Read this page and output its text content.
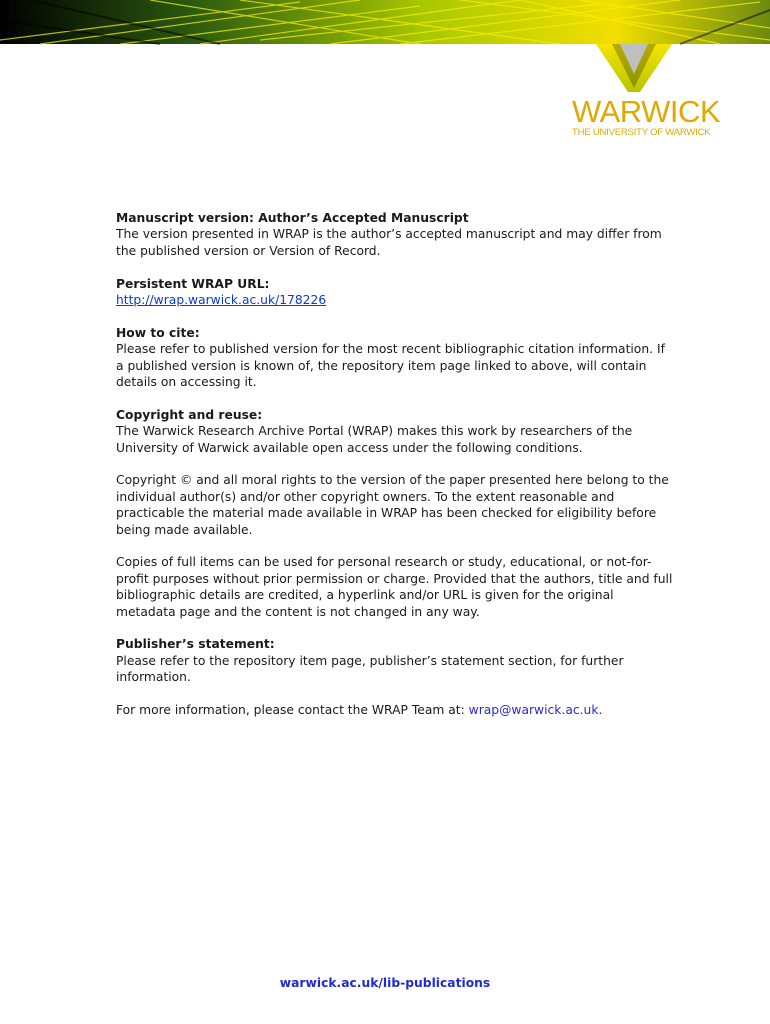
WARWICK
THE UNIVERSITY OF WARWICK
Manuscript version: Author’s Accepted Manuscript
The version presented in WRAP is the author’s accepted manuscript and may differ from the published version or Version of Record.
Persistent WRAP URL:
http://wrap.warwick.ac.uk/178226
How to cite:
Please refer to published version for the most recent bibliographic citation information. If a published version is known of, the repository item page linked to above, will contain details on accessing it.
Copyright and reuse:
The Warwick Research Archive Portal (WRAP) makes this work by researchers of the University of Warwick available open access under the following conditions.
Copyright © and all moral rights to the version of the paper presented here belong to the individual author(s) and/or other copyright owners. To the extent reasonable and practicable the material made available in WRAP has been checked for eligibility before being made available.
Copies of full items can be used for personal research or study, educational, or not-for-profit purposes without prior permission or charge. Provided that the authors, title and full bibliographic details are credited, a hyperlink and/or URL is given for the original metadata page and the content is not changed in any way.
Publisher’s statement:
Please refer to the repository item page, publisher’s statement section, for further information.
For more information, please contact the WRAP Team at: wrap@warwick.ac.uk.
warwick.ac.uk/lib-publications
